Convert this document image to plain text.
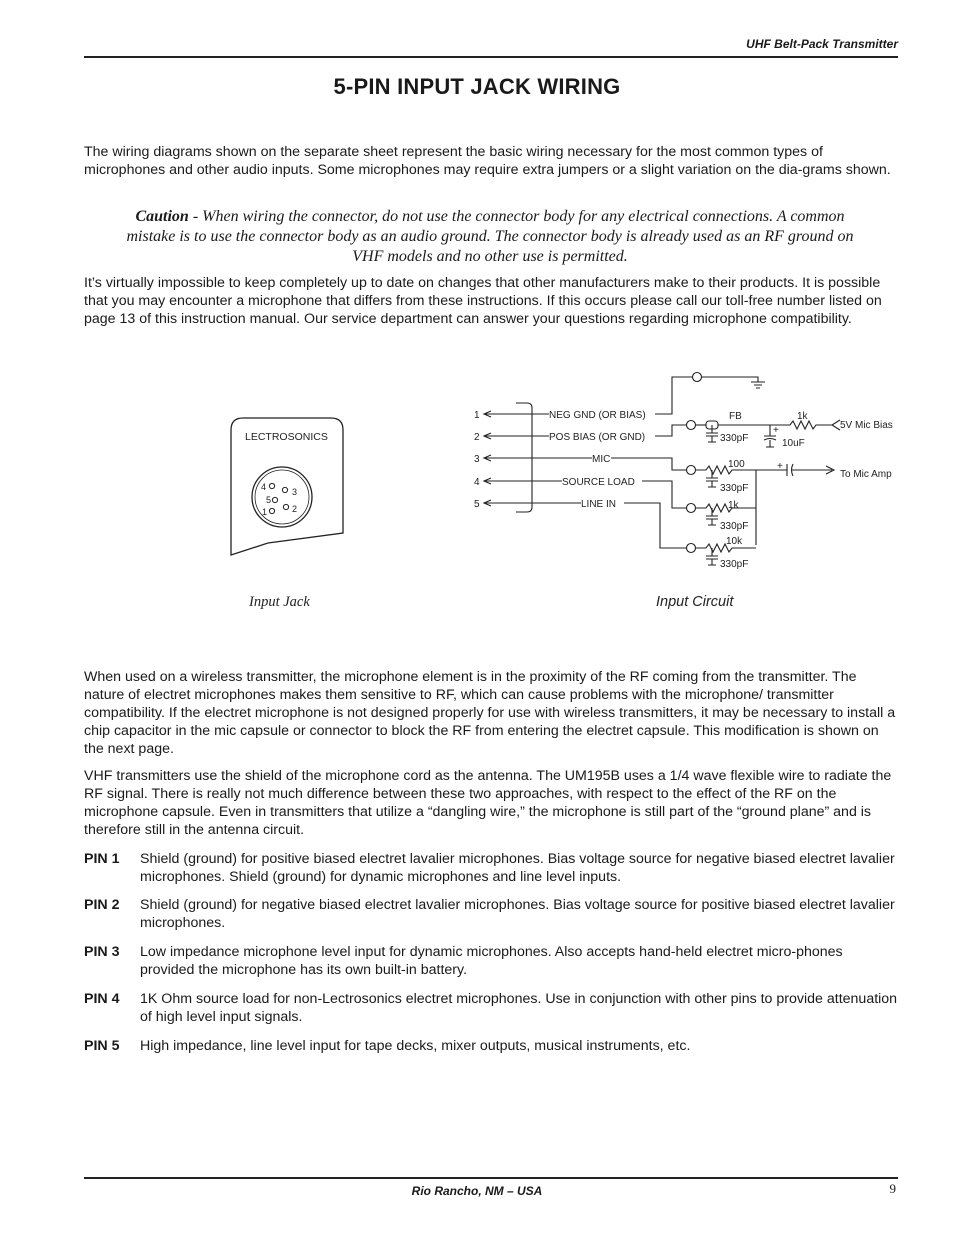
UHF Belt-Pack Transmitter
5-PIN INPUT JACK WIRING
The wiring diagrams shown on the separate sheet represent the basic wiring necessary for the most common types of microphones and other audio inputs. Some microphones may require extra jumpers or a slight variation on the dia-grams shown.
Caution - When wiring the connector, do not use the connector body for any electrical connections. A common mistake is to use the connector body as an audio ground. The connector body is already used as an RF ground on VHF models and no other use is permitted.
It’s virtually impossible to keep completely up to date on changes that other manufacturers make to their products. It is possible that you may encounter a microphone that differs from these instructions. If this occurs please call our toll-free number listed on page 13 of this instruction manual. Our service department can answer your questions regarding microphone compatibility.
LECTROSONICS
4	3
5
1	2
Input Jack
1
2
3
4
5
NEG GND (OR BIAS)
POS BIAS (OR GND)
MIC
SOURCE LOAD
LINE IN
FB	1k
330pF
+
10uF
5V Mic Bias
100	+
To Mic Amp
330pF
1k
330pF
10k
330pF
Input Circuit
When used on a wireless transmitter, the microphone element is in the proximity of the RF coming from the transmitter. The nature of electret microphones makes them sensitive to RF, which can cause problems with the microphone/ transmitter compatibility. If the electret microphone is not designed properly for use with wireless transmitters, it may be necessary to install a chip capacitor in the mic capsule or connector to block the RF from entering the electret capsule. This modification is shown on the next page.
VHF transmitters use the shield of the microphone cord as the antenna. The UM195B uses a 1/4 wave flexible wire to radiate the RF signal. There is really not much difference between these two approaches, with respect to the effect of the RF on the microphone capsule. Even in transmitters that utilize a “dangling wire,” the microphone is still part of the “ground plane” and is therefore still in the antenna circuit.
PIN 1 Shield (ground) for positive biased electret lavalier microphones. Bias voltage source for negative biased electret lavalier microphones. Shield (ground) for dynamic microphones and line level inputs.
PIN 2 Shield (ground) for negative biased electret lavalier microphones. Bias voltage source for positive biased electret lavalier microphones.
PIN 3 Low impedance microphone level input for dynamic microphones. Also accepts hand-held electret micro-phones provided the microphone has its own built-in battery.
PIN 4 1K Ohm source load for non-Lectrosonics electret microphones. Use in conjunction with other pins to provide attenuation of high level input signals.
PIN 5 High impedance, line level input for tape decks, mixer outputs, musical instruments, etc.
Rio Rancho, NM – USA	9
